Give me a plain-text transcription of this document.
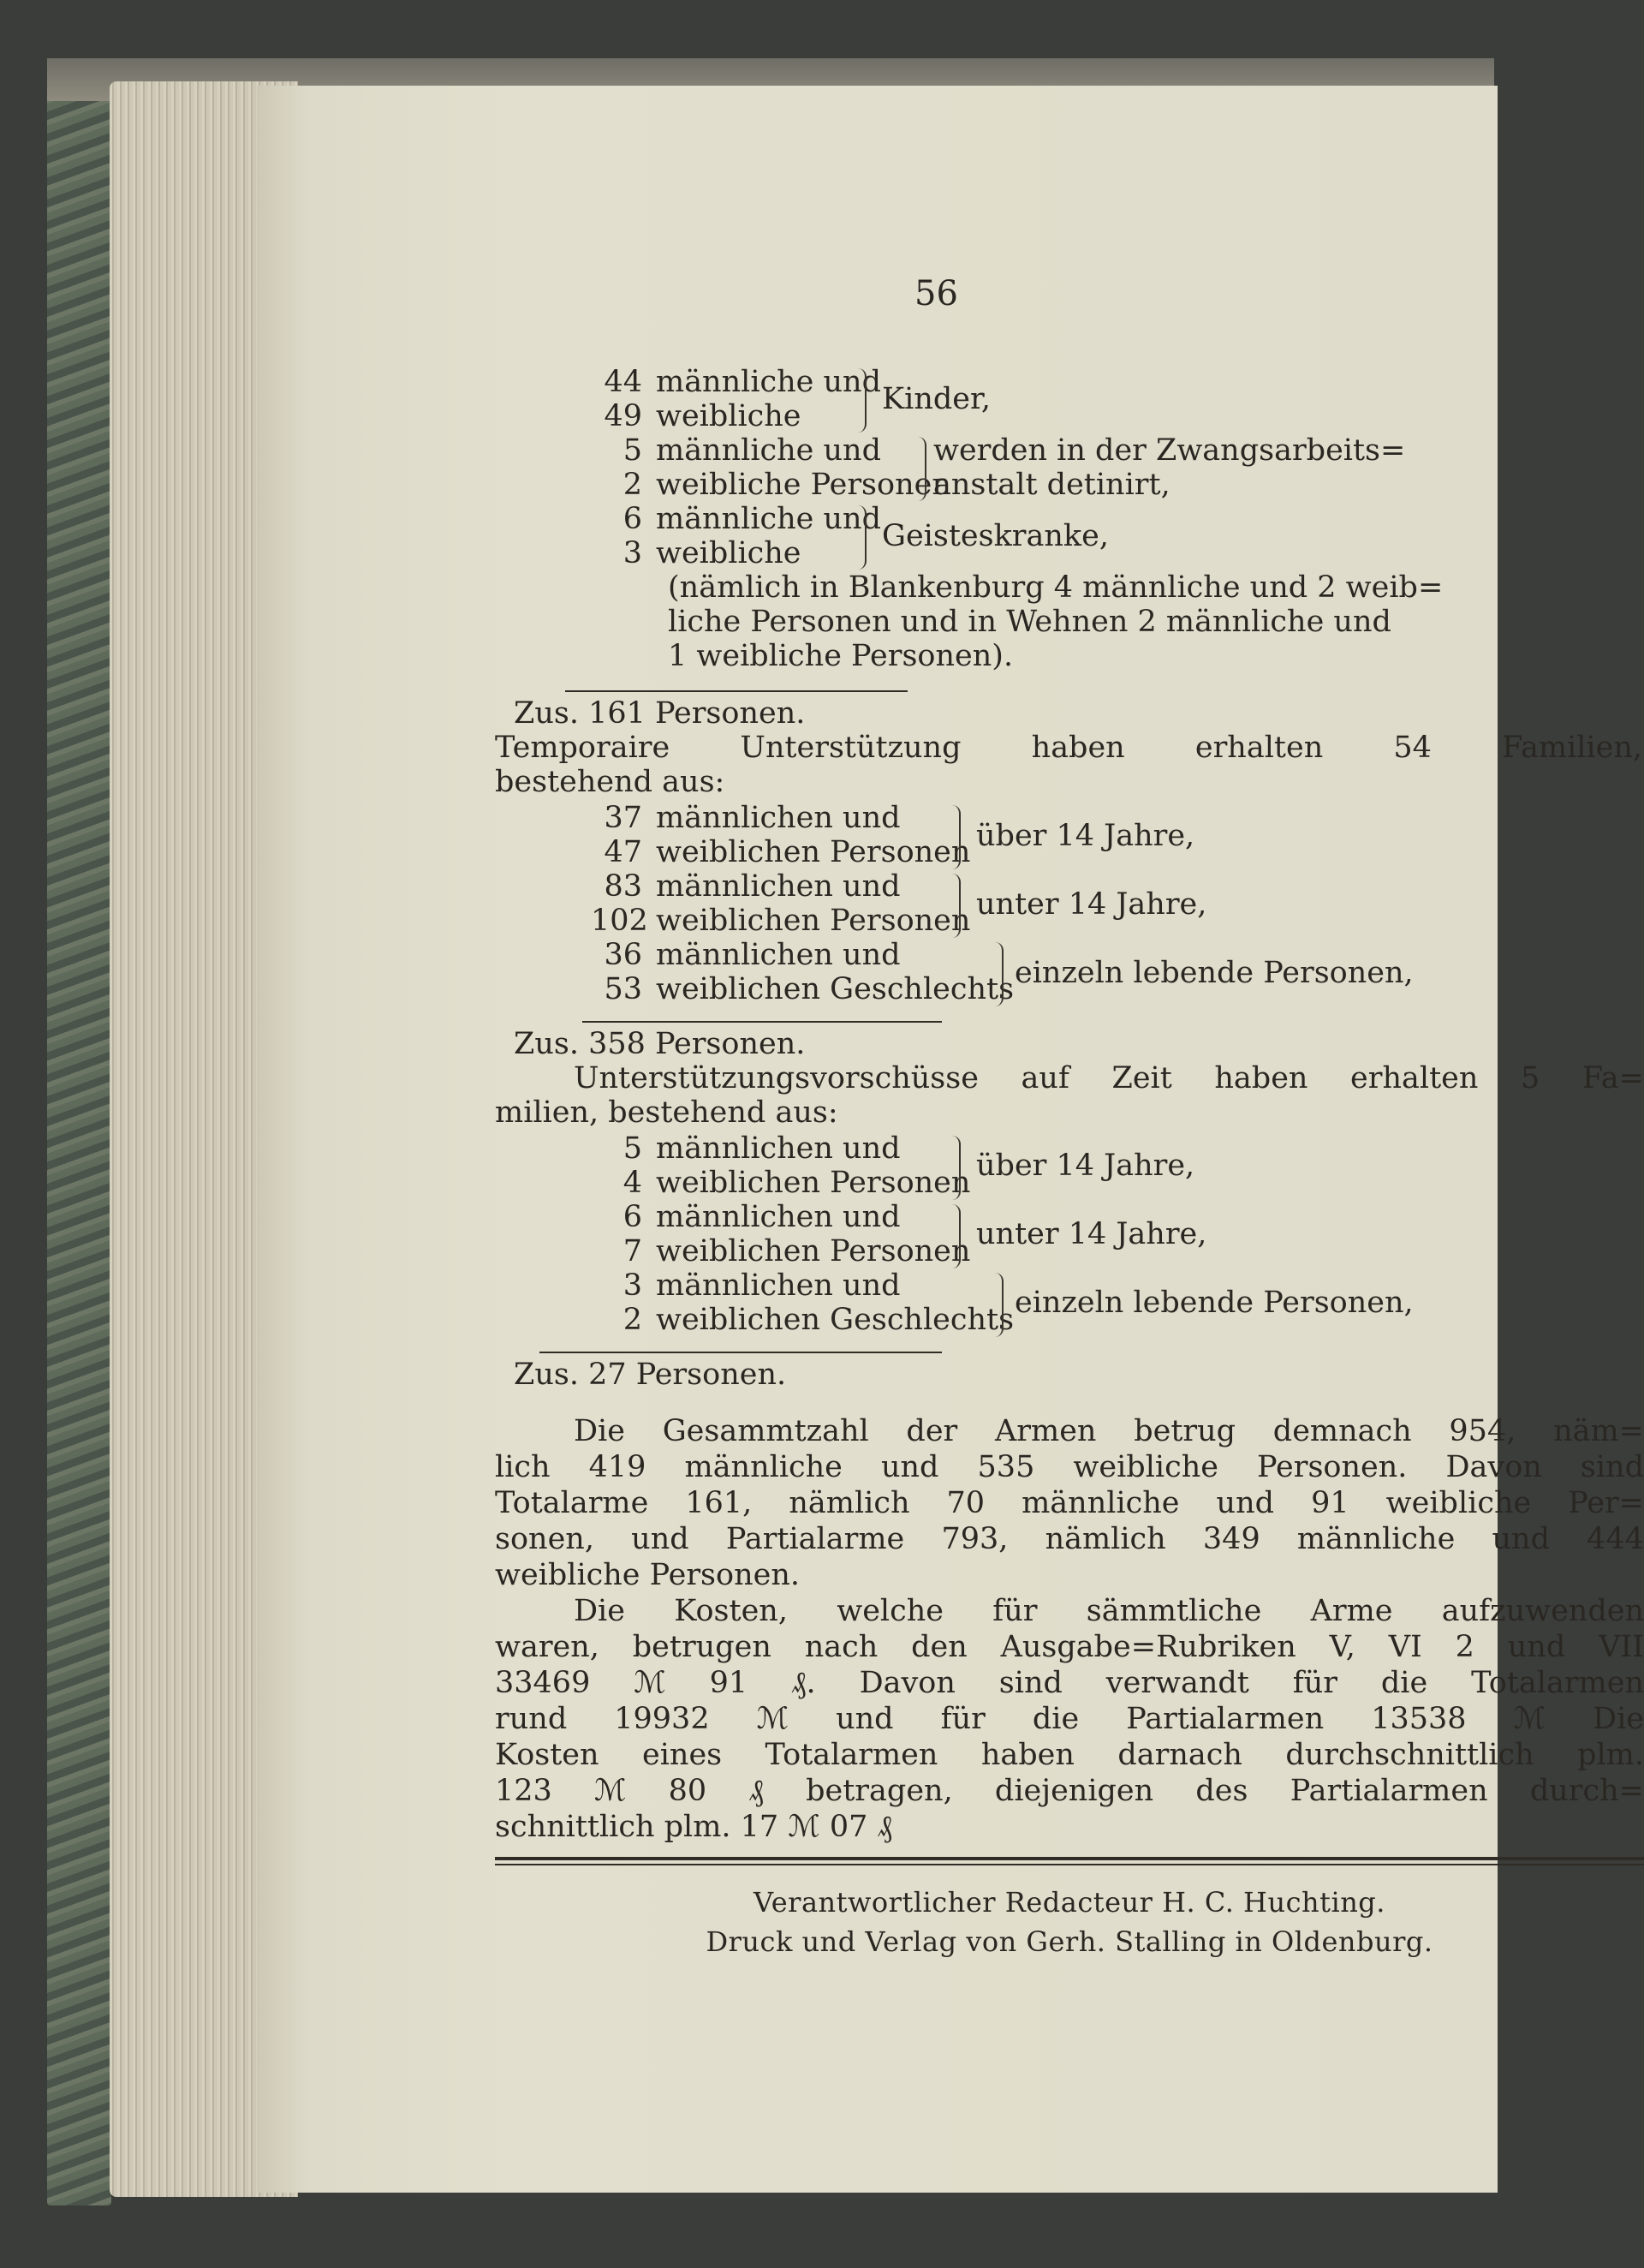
56
44 männliche und
49 weibliche	Kinder,
5 männliche und
2 weibliche Personen
werden in der Zwangsarbeits=
anstalt detinirt,
6 männliche und
3 weibliche	Geisteskranke,
(nämlich in Blankenburg 4 männliche und 2 weib=
liche Personen und in Wehnen 2 männliche und
1 weibliche Personen).
Zus. 161 Personen.
Temporaire Unterstützung haben erhalten 54 Familien,
bestehend aus:
37 männlichen und
47 weiblichen Personen über 14 Jahre,
83 männlichen und
102 weiblichen Personen unter 14 Jahre,
36 männlichen und
53 weiblichen Geschlechts einzeln lebende Personen,
Zus. 358 Personen.
Unterstützungsvorschüsse auf Zeit haben erhalten 5 Fa=
milien, bestehend aus:
5 männlichen und
4 weiblichen Personen über 14 Jahre,
6 männlichen und
7 weiblichen Personen unter 14 Jahre,
3 männlichen und
2 weiblichen Geschlechts einzeln lebende Personen,
Zus. 27 Personen.
Die Gesammtzahl der Armen betrug demnach 954, näm=
lich 419 männliche und 535 weibliche Personen. Davon sind
Totalarme 161, nämlich 70 männliche und 91 weibliche Per=
sonen, und Partialarme 793, nämlich 349 männliche und 444
weibliche Personen.
Die Kosten, welche für sämmtliche Arme aufzuwenden
waren, betrugen nach den Ausgabe=Rubriken V, VI 2 und VII
33469 ℳ 91 ₰. Davon sind verwandt für die Totalarmen
rund 19932 ℳ und für die Partialarmen 13538 ℳ Die
Kosten eines Totalarmen haben darnach durchschnittlich plm.
123 ℳ 80 ₰ betragen, diejenigen des Partialarmen durch=
schnittlich plm. 17 ℳ 07 ₰
Verantwortlicher Redacteur H. C. Huchting.
Druck und Verlag von Gerh. Stalling in Oldenburg.
